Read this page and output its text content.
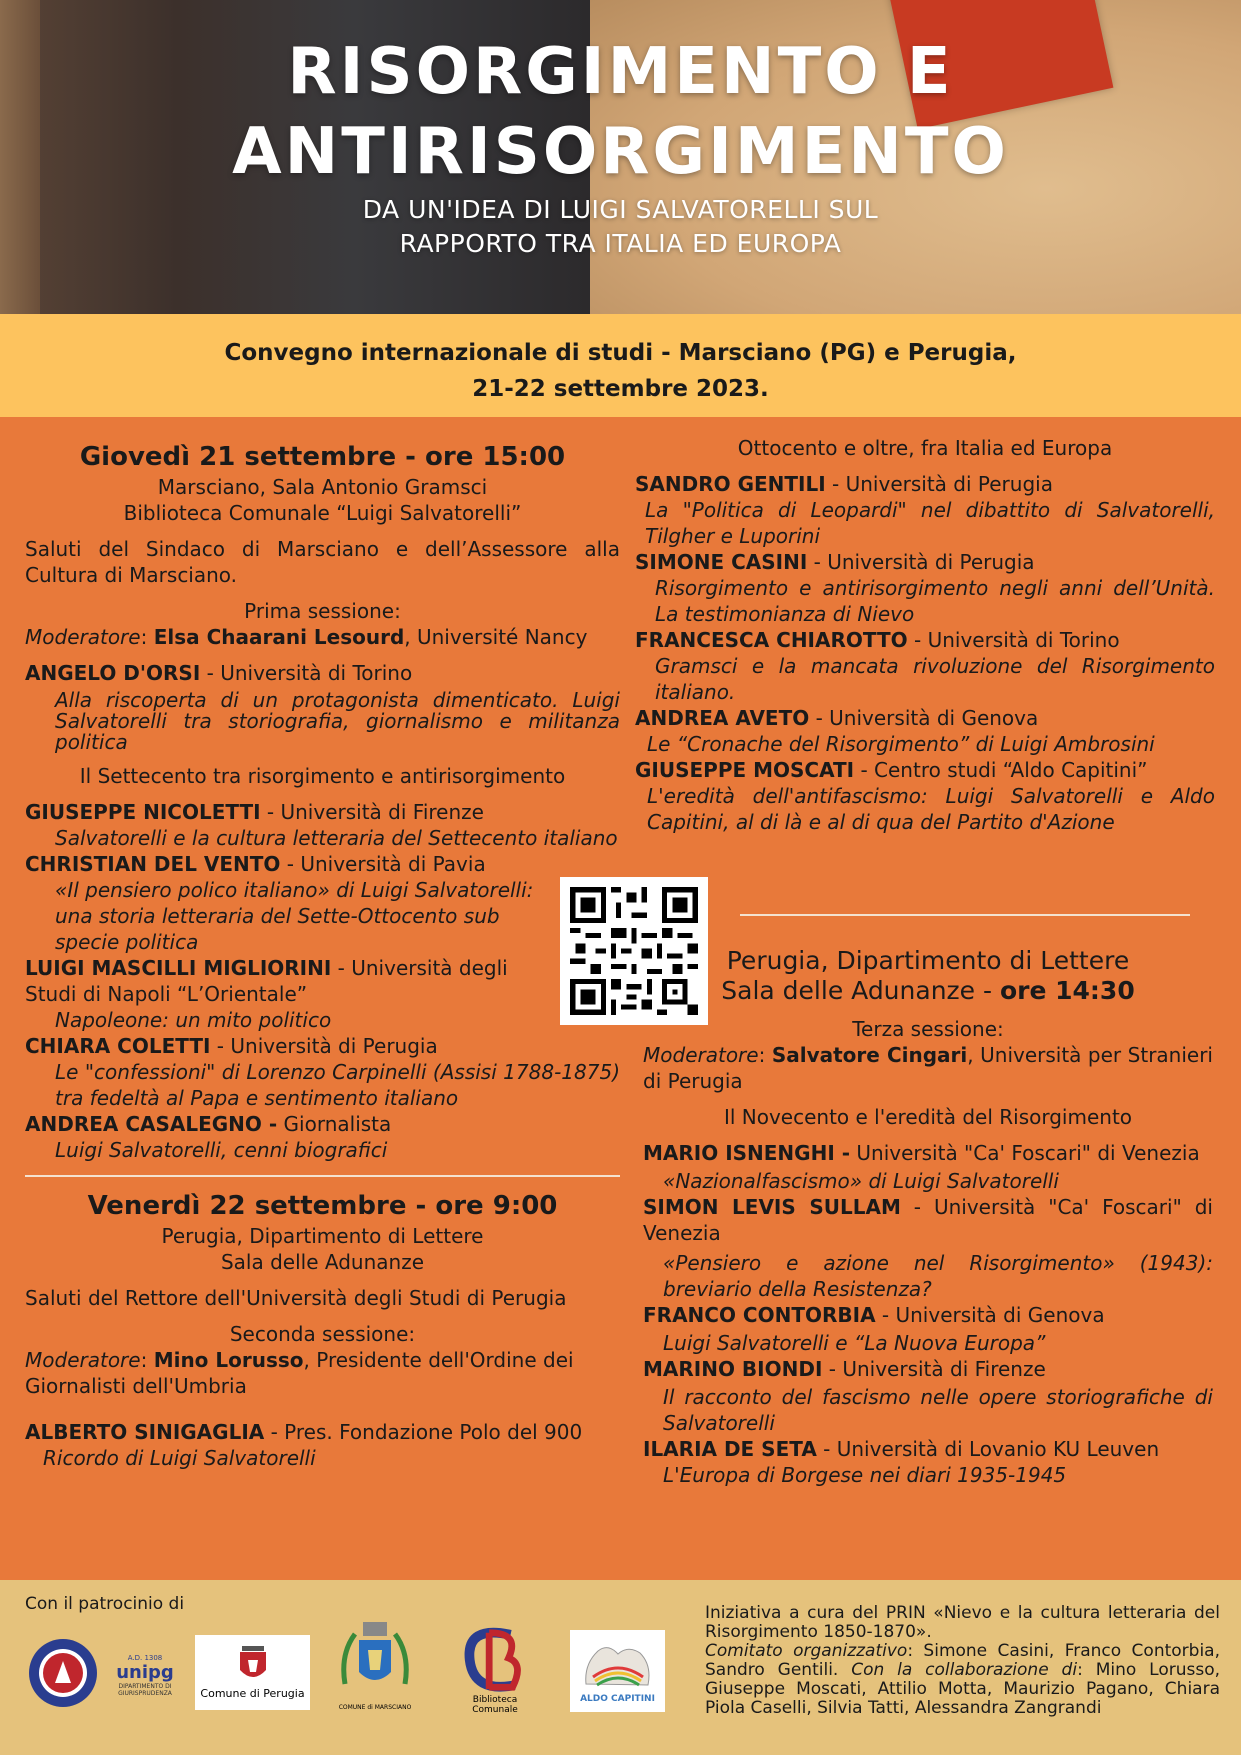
RISORGIMENTO E
ANTIRISORGIMENTO
DA UN'IDEA DI LUIGI SALVATORELLI SUL
RAPPORTO TRA ITALIA ED EUROPA
Convegno internazionale di studi - Marsciano (PG) e Perugia,
21-22 settembre 2023.
Giovedì 21 settembre - ore 15:00
Marsciano, Sala Antonio Gramsci
Biblioteca Comunale “Luigi Salvatorelli”
Saluti del Sindaco di Marsciano e dell’Assessore alla Cultura di Marsciano.
Prima sessione:
Moderatore: Elsa Chaarani Lesourd, Université Nancy
ANGELO D'ORSI - Università di Torino
Alla riscoperta di un protagonista dimenticato. Luigi Salvatorelli tra storiografia, giornalismo e militanza politica
Il Settecento tra risorgimento e antirisorgimento
GIUSEPPE NICOLETTI - Università di Firenze
Salvatorelli e la cultura letteraria del Settecento italiano
CHRISTIAN DEL VENTO - Università di Pavia
«Il pensiero polico italiano» di Luigi Salvatorelli: una storia letteraria del Sette-Ottocento sub specie politica
LUIGI MASCILLI MIGLIORINI - Università degli Studi di Napoli “L’Orientale”
Napoleone: un mito politico
CHIARA COLETTI - Università di Perugia
Le "confessioni" di Lorenzo Carpinelli (Assisi 1788-1875) tra fedeltà al Papa e sentimento italiano
ANDREA CASALEGNO - Giornalista
Luigi Salvatorelli, cenni biografici
Venerdì 22 settembre - ore 9:00
Perugia, Dipartimento di Lettere
Sala delle Adunanze
Saluti del Rettore dell'Università degli Studi di Perugia
Seconda sessione:
Moderatore: Mino Lorusso, Presidente dell'Ordine dei Giornalisti dell'Umbria
ALBERTO SINIGAGLIA - Pres. Fondazione Polo del 900
Ricordo di Luigi Salvatorelli
Ottocento e oltre, fra Italia ed Europa
SANDRO GENTILI - Università di Perugia
La "Politica di Leopardi" nel dibattito di Salvatorelli, Tilgher e Luporini
SIMONE CASINI - Università di Perugia
Risorgimento e antirisorgimento negli anni dell’Unità. La testimonianza di Nievo
FRANCESCA CHIAROTTO - Università di Torino
Gramsci e la mancata rivoluzione del Risorgimento italiano.
ANDREA AVETO - Università di Genova
Le “Cronache del Risorgimento” di Luigi Ambrosini
GIUSEPPE MOSCATI - Centro studi “Aldo Capitini”
L'eredità dell'antifascismo: Luigi Salvatorelli e Aldo Capitini, al di là e al di qua del Partito d'Azione
Perugia, Dipartimento di Lettere
Sala delle Adunanze - ore 14:30
Terza sessione:
Moderatore: Salvatore Cingari, Università per Stranieri di Perugia
Il Novecento e l'eredità del Risorgimento
MARIO ISNENGHI - Università "Ca' Foscari" di Venezia
«Nazionalfascismo» di Luigi Salvatorelli
SIMON LEVIS SULLAM - Università "Ca' Foscari" di Venezia
«Pensiero e azione nel Risorgimento» (1943): breviario della Resistenza?
FRANCO CONTORBIA - Università di Genova
Luigi Salvatorelli e “La Nuova Europa”
MARINO BIONDI - Università di Firenze
Il racconto del fascismo nelle opere storiografiche di Salvatorelli
ILARIA DE SETA - Università di Lovanio KU Leuven
L'Europa di Borgese nei diari 1935-1945
Con il patrocinio di
A.D. 1308
unipg
DIPARTIMENTO DI GIURISPRUDENZA	Comune di Perugia
COMUNE di MARSCIANO
Biblioteca Comunale
ALDO CAPITINI
Iniziativa a cura del PRIN «Nievo e la cultura letteraria del Risorgimento 1850-1870».
Comitato organizzativo: Simone Casini, Franco Contorbia, Sandro Gentili. Con la collaborazione di: Mino Lorusso, Giuseppe Moscati, Attilio Motta, Maurizio Pagano, Chiara Piola Caselli, Silvia Tatti, Alessandra Zangrandi
